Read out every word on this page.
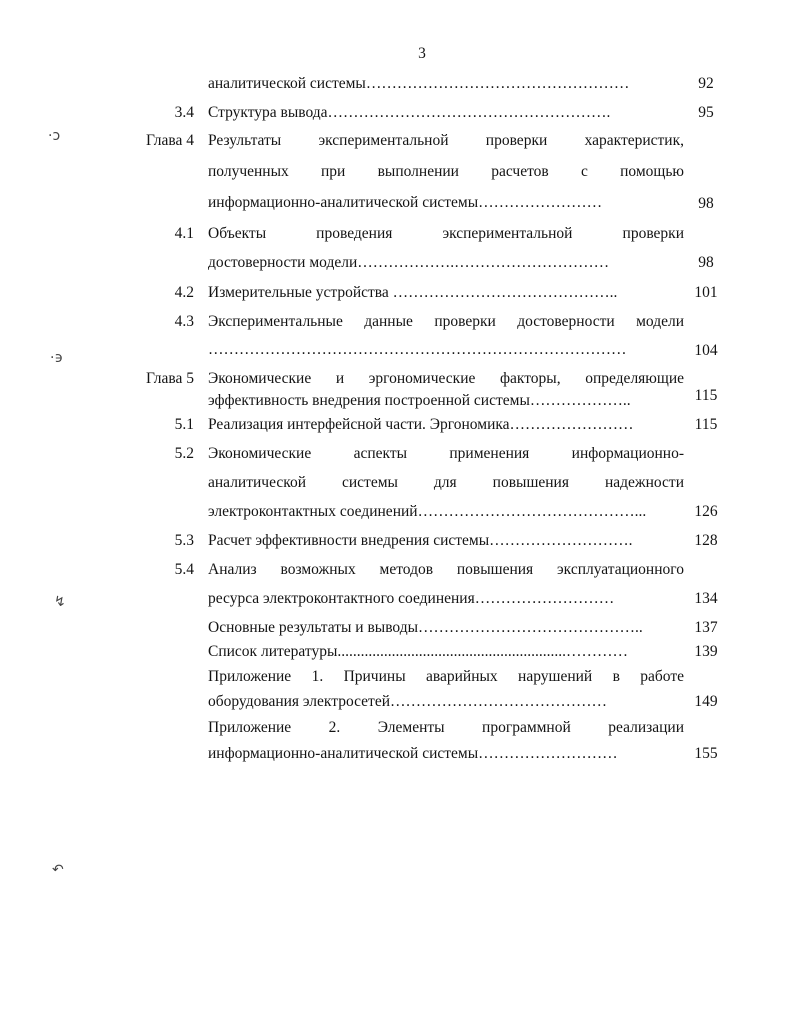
3
аналитической системы……………………………………………	92
3.4 Структура вывода……………………………………………….	95
Глава 4 Результаты экспериментальной проверки характеристик,
полученных при выполнении расчетов с помощью
информационно-аналитической системы……………………	98
4.1 Объекты проведения экспериментальной проверки
достоверности модели……………….…………………………	98
4.2 Измерительные устройства ……………………………………..	101
4.3 Экспериментальные данные проверки достоверности модели
………………………………………………………………………	104
Глава 5 Экономические и эргономические факторы, определяющие
эффективность внедрения построенной системы………………..	115
5.1 Реализация интерфейсной части. Эргономика……………………	115
5.2 Экономические аспекты применения информационно-
аналитической системы для повышения надежности
электроконтактных соединений……………………………………...	126
5.3 Расчет эффективности внедрения системы……………………….	128
5.4 Анализ возможных методов повышения эксплуатационного
ресурса электроконтактного соединения………………………	134
Основные результаты и выводы……………………………………..	137
Список литературы...........................................................…………	139
Приложение 1. Причины аварийных нарушений в работе
оборудования электросетей……………………………………	149
Приложение 2. Элементы программной реализации
информационно-аналитической системы………………………	155
·ↄ
·϶
↯
↶
